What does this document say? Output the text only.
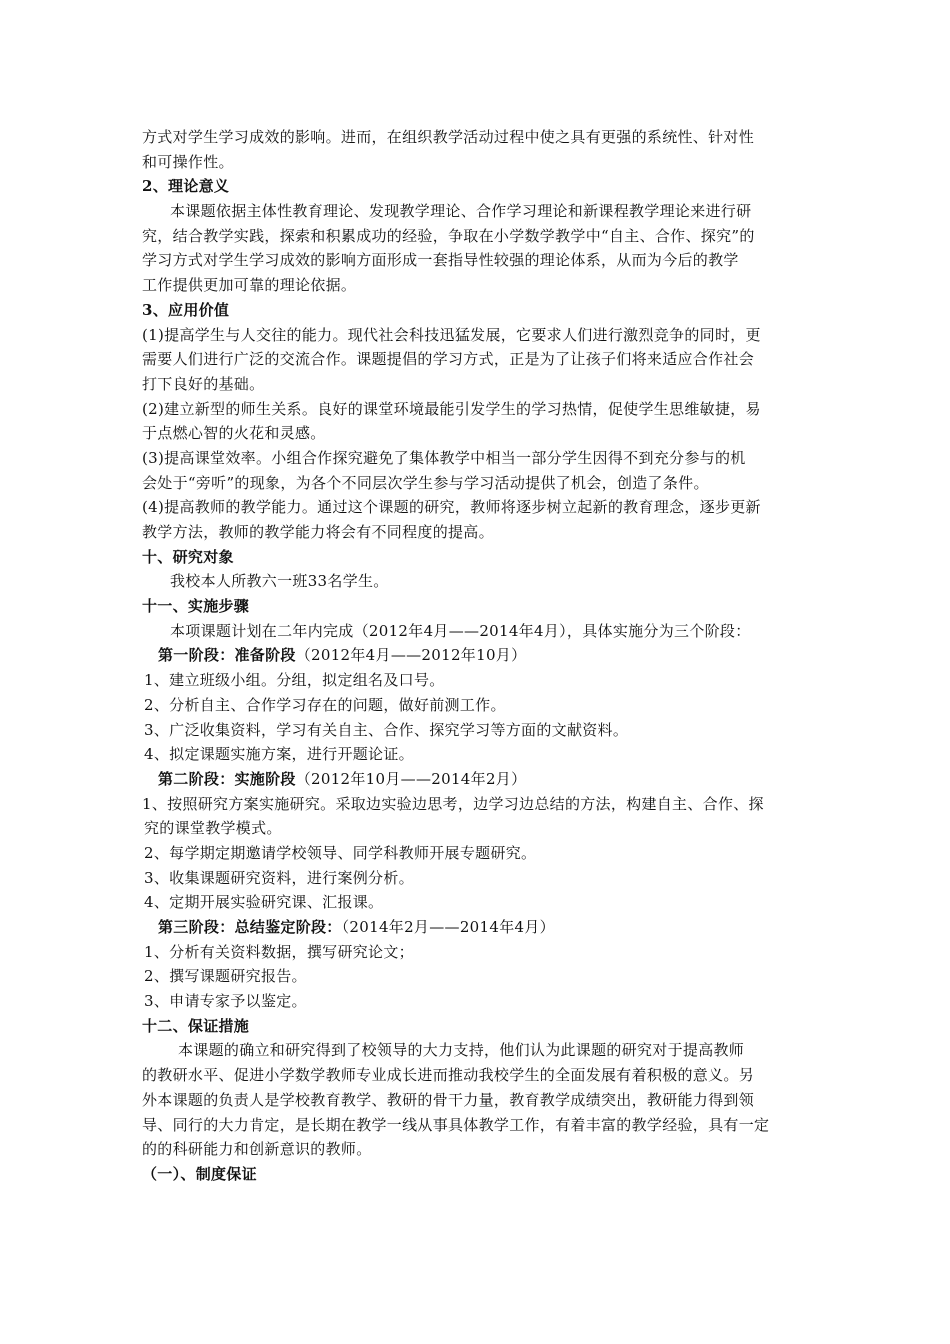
方式对学生学习成效的影响。进而，在组织教学活动过程中使之具有更强的系统性、针对性
和可操作性。
2、理论意义
本课题依据主体性教育理论、发现教学理论、合作学习理论和新课程教学理论来进行研
究，结合教学实践，探索和积累成功的经验，争取在小学数学教学中“自主、合作、探究”的
学习方式对学生学习成效的影响方面形成一套指导性较强的理论体系，从而为今后的教学
工作提供更加可靠的理论依据。
3、应用价值
(1)提高学生与人交往的能力。现代社会科技迅猛发展，它要求人们进行激烈竞争的同时，更
需要人们进行广泛的交流合作。课题提倡的学习方式，正是为了让孩子们将来适应合作社会
打下良好的基础。
(2)建立新型的师生关系。良好的课堂环境最能引发学生的学习热情，促使学生思维敏捷，易
于点燃心智的火花和灵感。
(3)提高课堂效率。小组合作探究避免了集体教学中相当一部分学生因得不到充分参与的机
会处于“旁听”的现象，为各个不同层次学生参与学习活动提供了机会，创造了条件。
(4)提高教师的教学能力。通过这个课题的研究，教师将逐步树立起新的教育理念，逐步更新
教学方法，教师的教学能力将会有不同程度的提高。
十、研究对象
我校本人所教六一班33名学生。
十一、实施步骤
本项课题计划在二年内完成（2012年4月——2014年4月），具体实施分为三个阶段：
第一阶段：准备阶段（2012年4月——2012年10月）
1、建立班级小组。分组，拟定组名及口号。
2、分析自主、合作学习存在的问题，做好前测工作。
3、广泛收集资料，学习有关自主、合作、探究学习等方面的文献资料。
4、拟定课题实施方案，进行开题论证。
第二阶段：实施阶段（2012年10月——2014年2月）
1、按照研究方案实施研究。采取边实验边思考，边学习边总结的方法，构建自主、合作、探
究的课堂教学模式。
2、每学期定期邀请学校领导、同学科教师开展专题研究。
3、收集课题研究资料，进行案例分析。
4、定期开展实验研究课、汇报课。
第三阶段：总结鉴定阶段：（2014年2月——2014年4月）
1、分析有关资料数据，撰写研究论文；
2、撰写课题研究报告。
3、申请专家予以鉴定。
十二、保证措施
本课题的确立和研究得到了校领导的大力支持，他们认为此课题的研究对于提高教师
的教研水平、促进小学数学教师专业成长进而推动我校学生的全面发展有着积极的意义。另
外本课题的负责人是学校教育教学、教研的骨干力量，教育教学成绩突出，教研能力得到领
导、同行的大力肯定，是长期在教学一线从事具体教学工作，有着丰富的教学经验，具有一定
的的科研能力和创新意识的教师。
（一）、制度保证
